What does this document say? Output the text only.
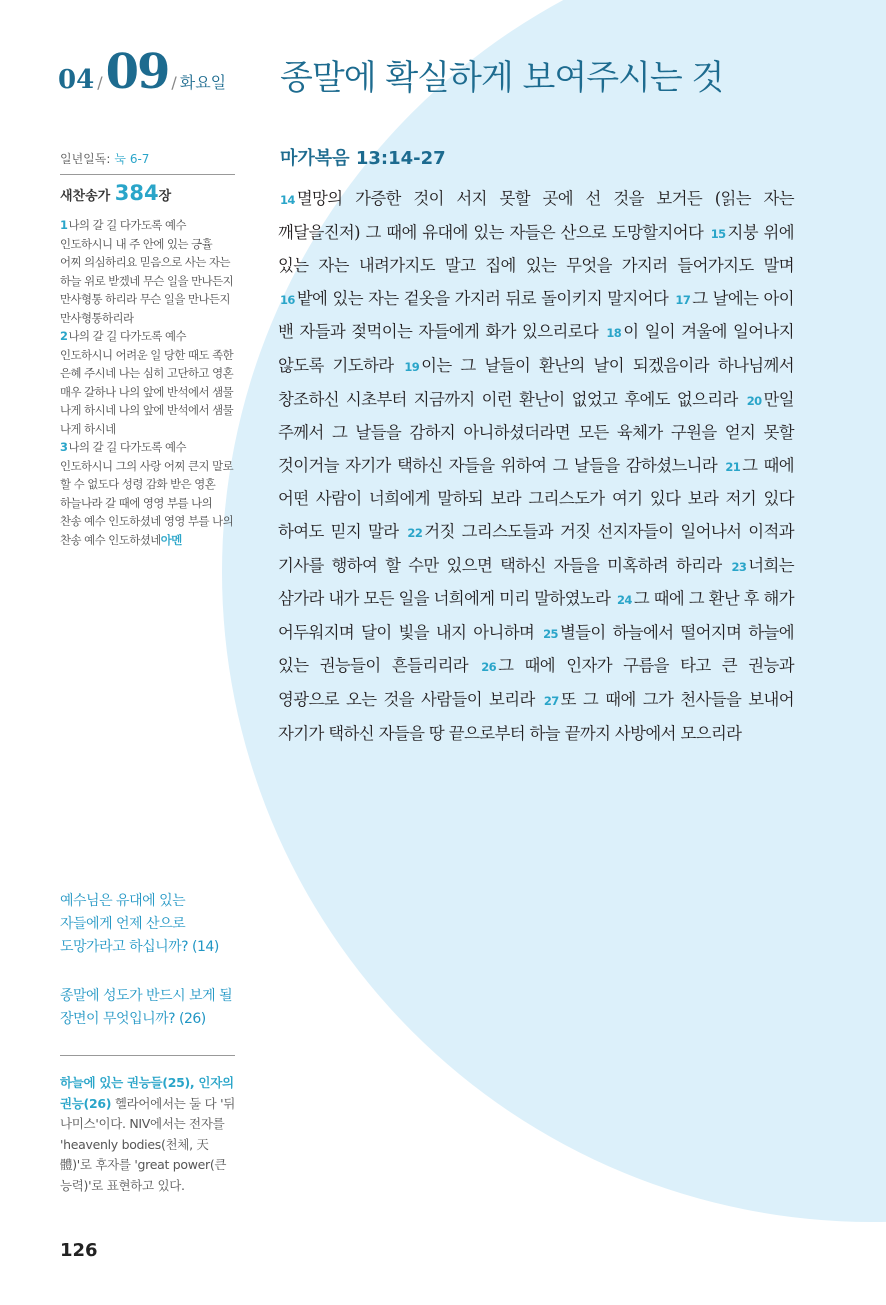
04 /09 / 화요일 종말에 확실하게 보여주시는 것
일년일독: 눅 6-7
새찬송가 384장
1나의 갈 길 다가도록 예수 인도하시니 내 주 안에 있는 긍휼 어찌 의심하리요 믿음으로 사는 자는 하늘 위로 받겠네 무슨 일을 만나든지 만사형통 하리라 무슨 일을 만나든지 만사형통하리라
2나의 갈 길 다가도록 예수 인도하시니 어려운 일 당한 때도 족한 은혜 주시네 나는 심히 고단하고 영혼 매우 갈하나 나의 앞에 반석에서 샘물 나게 하시네 나의 앞에 반석에서 샘물 나게 하시네
3나의 갈 길 다가도록 예수 인도하시니 그의 사랑 어찌 큰지 말로 할 수 없도다 성령 감화 받은 영혼 하늘나라 갈 때에 영영 부를 나의 찬송 예수 인도하셨네 영영 부를 나의 찬송 예수 인도하셨네아멘
예수님은 유대에 있는 자들에게 언제 산으로 도망가라고 하십니까? (14)
종말에 성도가 반드시 보게 될 장면이 무엇입니까? (26)
하늘에 있는 권능들(25), 인자의 권능(26) 헬라어에서는 둘 다 '뒤나미스'이다. NIV에서는 전자를 'heavenly bodies(천체, 天體)'로 후자를 'great power(큰 능력)'로 표현하고 있다.
126
마가복음 13:14-27
14 멸망의 가증한 것이 서지 못할 곳에 선 것을 보거든 (읽는 자는 깨달을진저) 그 때에 유대에 있는 자들은 산으로 도망할지어다 15 지붕 위에 있는 자는 내려가지도 말고 집에 있는 무엇을 가지러 들어가지도 말며 16 밭에 있는 자는 겉옷을 가지러 뒤로 돌이키지 말지어다 17 그 날에는 아이 밴 자들과 젖먹이는 자들에게 화가 있으리로다 18 이 일이 겨울에 일어나지 않도록 기도하라 19 이는 그 날들이 환난의 날이 되겠음이라 하나님께서 창조하신 시초부터 지금까지 이런 환난이 없었고 후에도 없으리라 20 만일 주께서 그 날들을 감하지 아니하셨더라면 모든 육체가 구원을 얻지 못할 것이거늘 자기가 택하신 자들을 위하여 그 날들을 감하셨느니라 21 그 때에 어떤 사람이 너희에게 말하되 보라 그리스도가 여기 있다 보라 저기 있다 하여도 믿지 말라 22 거짓 그리스도들과 거짓 선지자들이 일어나서 이적과 기사를 행하여 할 수만 있으면 택하신 자들을 미혹하려 하리라 23 너희는 삼가라 내가 모든 일을 너희에게 미리 말하였노라 24 그 때에 그 환난 후 해가 어두워지며 달이 빛을 내지 아니하며 25 별들이 하늘에서 떨어지며 하늘에 있는 권능들이 흔들리리라 26 그 때에 인자가 구름을 타고 큰 권능과 영광으로 오는 것을 사람들이 보리라 27 또 그 때에 그가 천사들을 보내어 자기가 택하신 자들을 땅 끝으로부터 하늘 끝까지 사방에서 모으리라
